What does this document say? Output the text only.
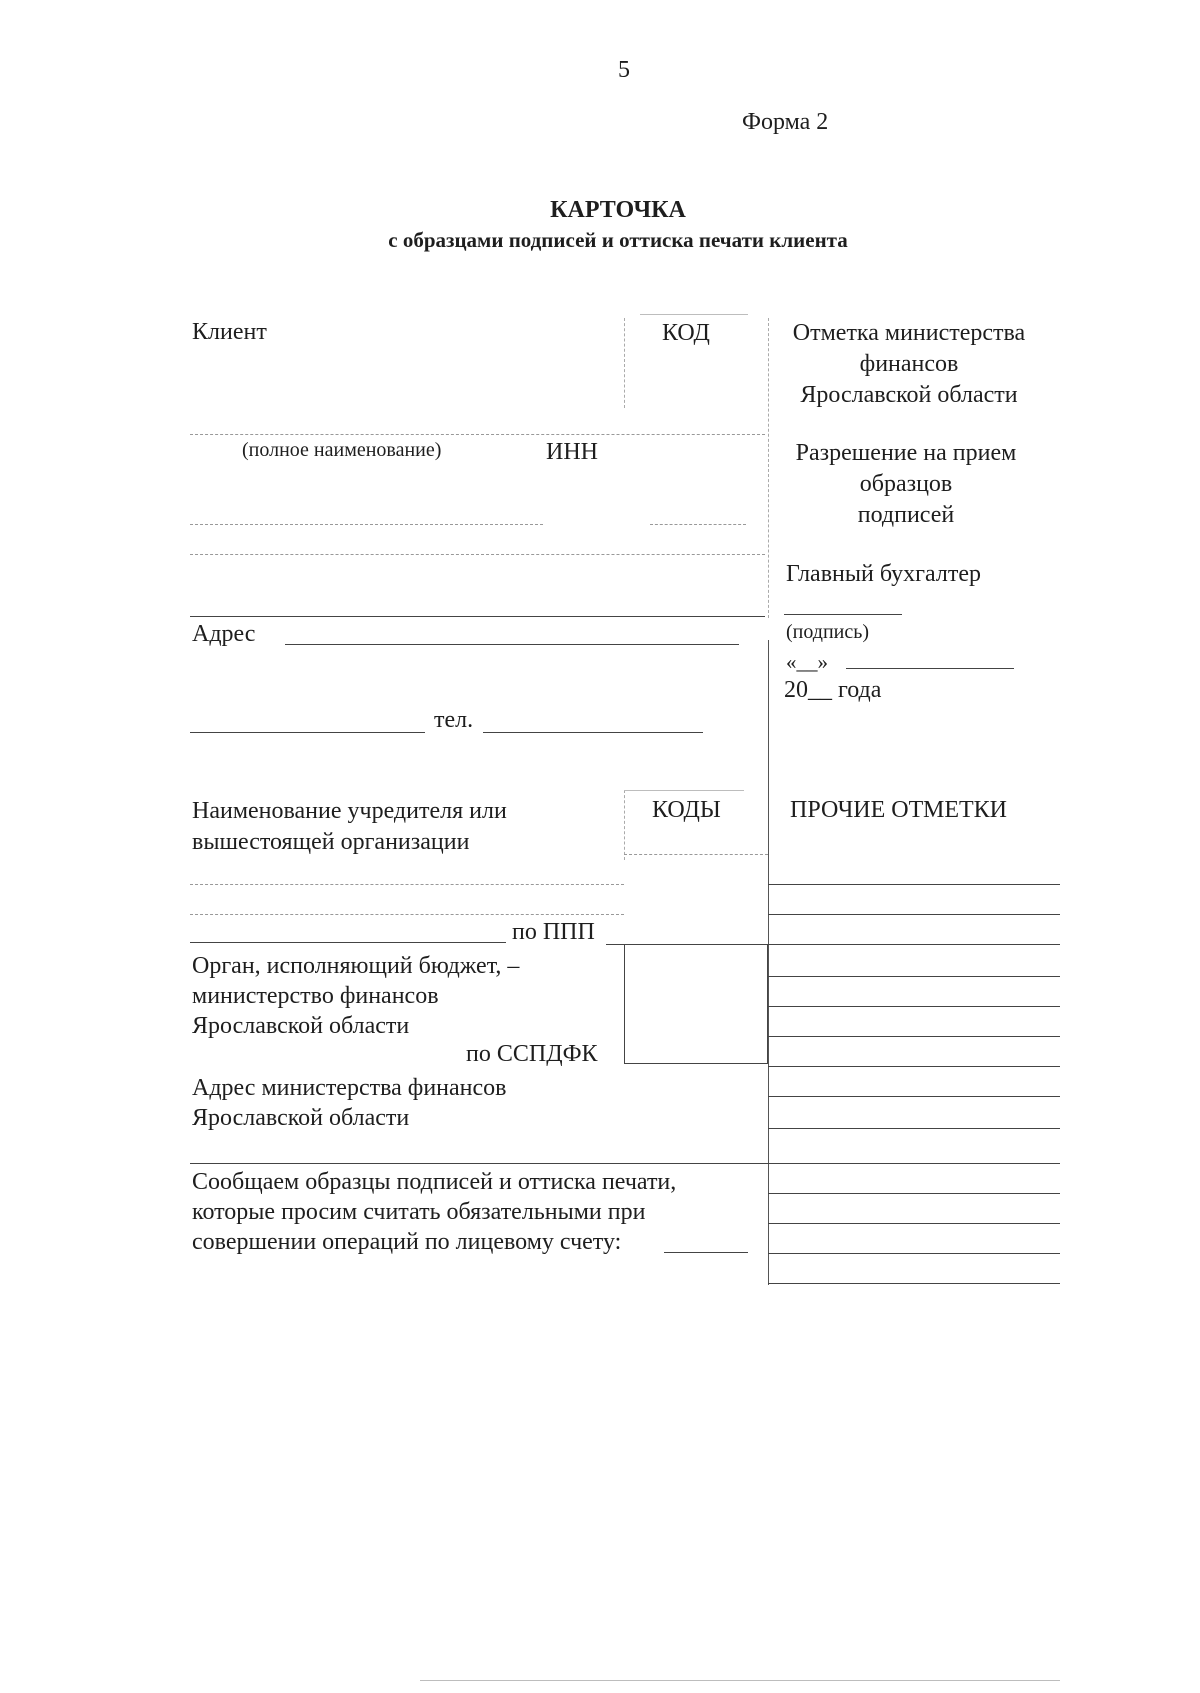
5
Форма 2
КАРТОЧКА
с образцами подписей и оттиска печати клиента
Клиент	КОД	Отметка министерства
финансов
Ярославской области
(полное наименование)	ИНН	Разрешение на прием
образцов
подписей
Главный бухгалтер
(подпись)
Адрес
«__»
20__ года
тел.
Наименование учредителя или
вышестоящей организации
КОДЫ	ПРОЧИЕ ОТМЕТКИ
по ППП
Орган, исполняющий бюджет, –
министерство финансов
Ярославской области
по ССПДФК
Адрес министерства финансов
Ярославской области
Сообщаем образцы подписей и оттиска печати,
которые просим считать обязательными при
совершении операций по лицевому счету:
